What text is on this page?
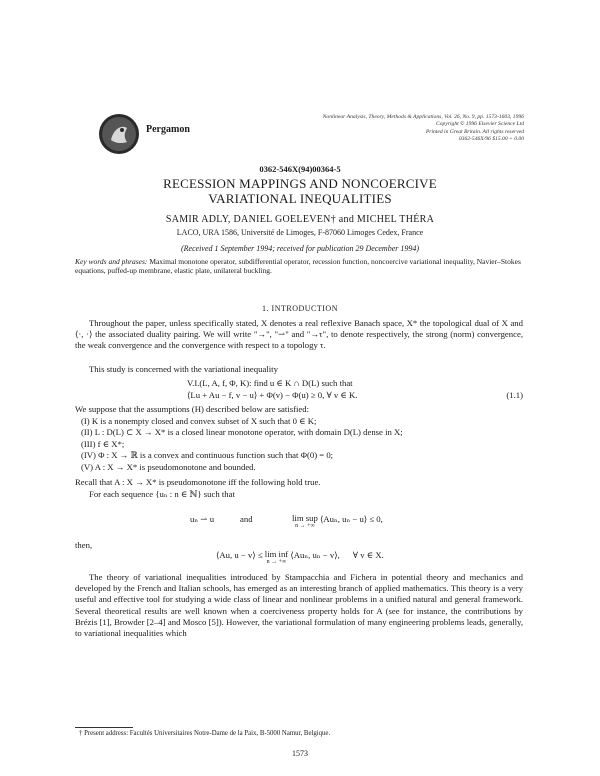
Pergamon
Nonlinear Analysis, Theory, Methods & Applications, Vol. 26, No. 9, pp. 1573-1603, 1996
Copyright © 1996 Elsevier Science Ltd
Printed in Great Britain. All rights reserved
0362-546X/96 $15.00 + 0.00
0362-546X(94)00364-5
RECESSION MAPPINGS AND NONCOERCIVE
VARIATIONAL INEQUALITIES
SAMIR ADLY, DANIEL GOELEVEN† and MICHEL THÉRA
LACO, URA 1586, Université de Limoges, F-87060 Limoges Cedex, France
(Received 1 September 1994; received for publication 29 December 1994)
Key words and phrases: Maximal monotone operator, subdifferential operator, recession function, noncoercive variational inequality, Navier–Stokes equations, puffed-up membrane, elastic plate, unilateral buckling.
1. INTRODUCTION
Throughout the paper, unless specifically stated, X denotes a real reflexive Banach space, X* the topological dual of X and ⟨·, ·⟩ the associated duality pairing. We will write "→", "⇀" and "→τ", to denote respectively, the strong (norm) convergence, the weak convergence and the convergence with respect to a topology τ.
This study is concerned with the variational inequality
V.I.(L, A, f, Φ, K): find u ∈ K ∩ D(L) such that
⟨Lu + Au − f, v − u⟩ + Φ(v) − Φ(u) ≥ 0, ∀ v ∈ K.	(1.1)
We suppose that the assumptions (H) described below are satisfied:
(I) K is a nonempty closed and convex subset of X such that 0 ∈ K;
(II) L : D(L) ⊂ X → X* is a closed linear monotone operator, with domain D(L) dense in X;
(III) f ∈ X*;
(IV) Φ : X → ℝ is a convex and continuous function such that Φ(0) = 0;
(V) A : X → X* is pseudomonotone and bounded.
Recall that A : X → X* is pseudomonotone iff the following hold true.
For each sequence {uₙ : n ∈ ℕ} such that
uₙ ⇀ u	and	lim sup
n → +∞
⟨Auₙ, uₙ − u⟩ ≤ 0,
then,
⟨Au, u − v⟩ ≤ lim inf
n → +∞
⟨Auₙ, uₙ − v⟩, ∀ v ∈ X.
The theory of variational inequalities introduced by Stampacchia and Fichera in potential theory and mechanics and developed by the French and Italian schools, has emerged as an interesting branch of applied mathematics. This theory is a very useful and effective tool for studying a wide class of linear and nonlinear problems in a unified natural and general framework. Several theoretical results are well known when a coerciveness property holds for A (see for instance, the contributions by Brézis [1], Browder [2–4] and Mosco [5]). However, the variational formulation of many engineering problems leads, generally, to variational inequalities which
† Present address: Facultés Universitaires Notre-Dame de la Paix, B-5000 Namur, Belgique.
1573
